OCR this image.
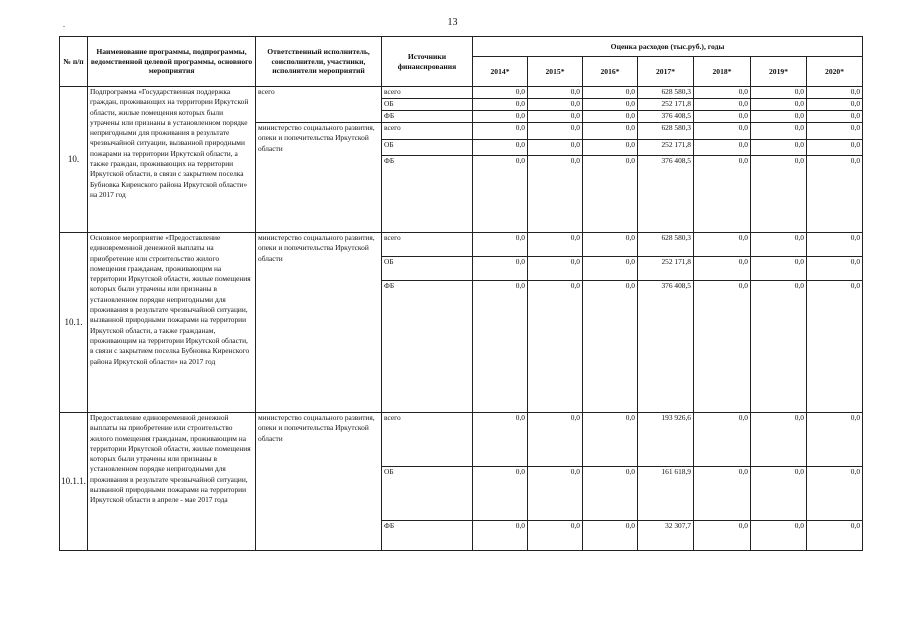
.	13
№ п/п	Наименование программы, подпрограммы, ведомственной целевой программы, основного мероприятия	Ответственный исполнитель, соисполнители, участники, исполнители мероприятий	Источники финансирования	Оценка расходов (тыс.руб.), годы						
				2014*	2015*	2016*	2017*	2018*	2019*	2020*
10.	Подпрограмма «Государственная поддержка граждан, проживающих на территории Иркутской области, жилые помещения которых были утрачены или признаны в установленном порядке непригодными для проживания в результате чрезвычайной ситуации, вызванной природными пожарами на территории Иркутской области, а также граждан, проживающих на территории Иркутской области, в связи с закрытием поселка Бубновка Киренского района Иркутской области» на 2017 год	всего	всего	0,0	0,0	0,0	628 580,3	0,0	0,0	0,0
			ОБ	0,0	0,0	0,0	252 171,8	0,0	0,0	0,0
			ФБ	0,0	0,0	0,0	376 408,5	0,0	0,0	0,0
		министерство социального развития, опеки и попечительства Иркутской области	всего	0,0	0,0	0,0	628 580,3	0,0	0,0	0,0
			ОБ	0,0	0,0	0,0	252 171,8	0,0	0,0	0,0
			ФБ	0,0	0,0	0,0	376 408,5	0,0	0,0	0,0
10.1.	Основное мероприятие «Предоставление единовременной денежной выплаты на приобретение или строительство жилого помещения гражданам, проживающим на территории Иркутской области, жилые помещения которых были утрачены или признаны в установленном порядке непригодными для проживания в результате чрезвычайной ситуации, вызванной природными пожарами на территории Иркутской области, а также гражданам, проживающим на территории Иркутской области, в связи с закрытием поселка Бубновка Киренского района Иркутской области» на 2017 год	министерство социального развития, опеки и попечительства Иркутской области	всего	0,0	0,0	0,0	628 580,3	0,0	0,0	0,0
			ОБ	0,0	0,0	0,0	252 171,8	0,0	0,0	0,0
			ФБ	0,0	0,0	0,0	376 408,5	0,0	0,0	0,0
10.1.1.	Предоставление единовременной денежной выплаты на приобретение или строительство жилого помещения гражданам, проживающим на территории Иркутской области, жилые помещения которых были утрачены или признаны в установленном порядке непригодными для проживания в результате чрезвычайной ситуации, вызванной природными пожарами на территории Иркутской области в апреле - мае 2017 года	министерство социального развития, опеки и попечительства Иркутской области	всего	0,0	0,0	0,0	193 926,6	0,0	0,0	0,0
			ОБ	0,0	0,0	0,0	161 618,9	0,0	0,0	0,0
			ФБ	0,0	0,0	0,0	32 307,7	0,0	0,0	0,0
